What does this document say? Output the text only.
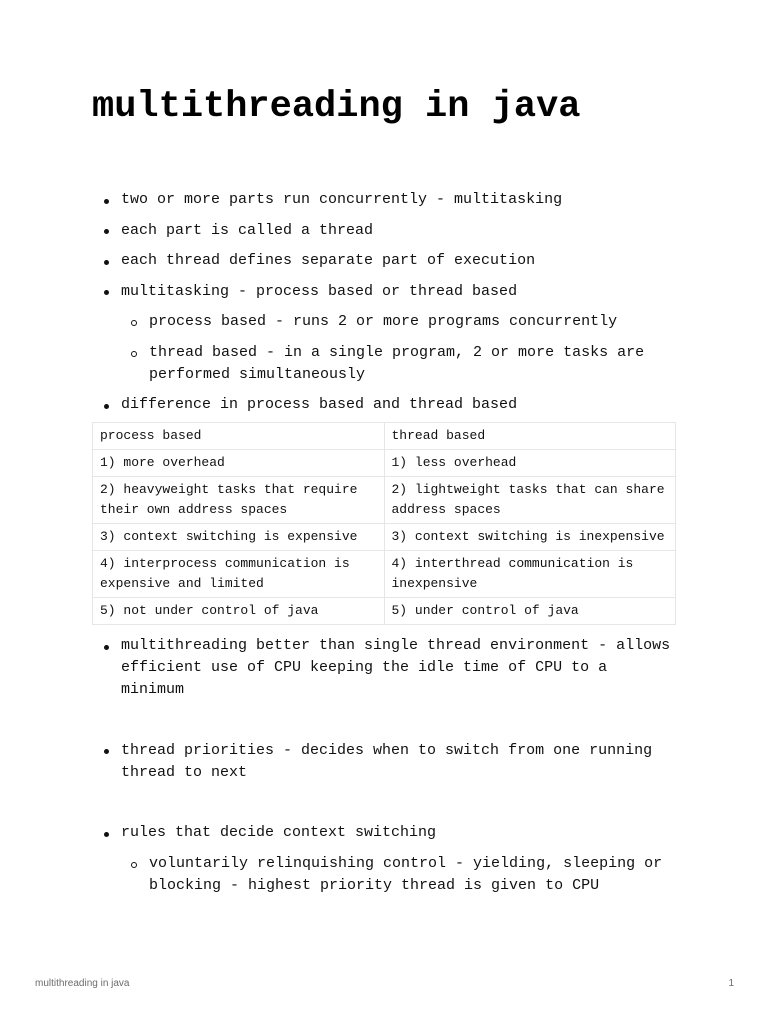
multithreading in java
two or more parts run concurrently - multitasking
each part is called a thread
each thread defines separate part of execution
multitasking - process based or thread based
process based - runs 2 or more programs concurrently
thread based - in a single program, 2 or more tasks are performed simultaneously
difference in process based and thread based
process based	thread based
1) more overhead	1) less overhead
2) heavyweight tasks that require their own address spaces	2) lightweight tasks that can share address spaces
3) context switching is expensive	3) context switching is inexpensive
4) interprocess communication is expensive and limited	4) interthread communication is inexpensive
5) not under control of java	5) under control of java
multithreading better than single thread environment - allows efficient use of CPU keeping the idle time of CPU to a minimum
thread priorities - decides when to switch from one running thread to next
rules that decide context switching
voluntarily relinquishing control - yielding, sleeping or blocking - highest priority thread is given to CPU
multithreading in java	1
